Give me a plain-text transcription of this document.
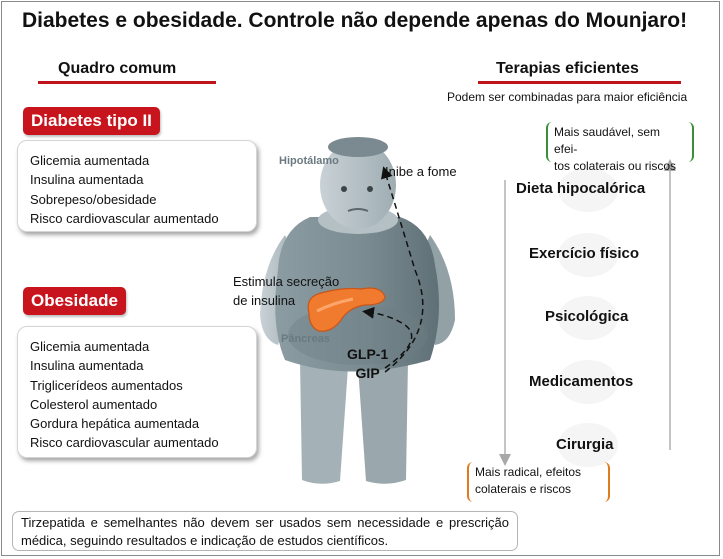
Diabetes e obesidade. Controle não depende apenas do Mounjaro!
Quadro comum	Terapias eficientes
Podem ser combinadas para maior eficiência
Glicemia aumentada
Insulina aumentada
Sobrepeso/obesidade
Risco cardiovascular aumentado
Diabetes tipo II
Glicemia aumentada
Insulina aumentada
Triglicerídeos aumentados
Colesterol aumentado
Gordura hepática aumentada
Risco cardiovascular aumentado
Obesidade
Hipotálamo
Inibe a fome
Estimula secreção
de insulina
Pâncreas
GLP-1
GIP
Dieta hipocalórica
Exercício físico
Psicológica
Medicamentos
Cirurgia
Mais saudável, sem efei-
tos colaterais ou riscos
Mais radical, efeitos
colaterais e riscos
Tirzepatida e semelhantes não devem ser usados sem necessidade e prescrição médica, seguindo resultados e indicação de estudos científicos.
